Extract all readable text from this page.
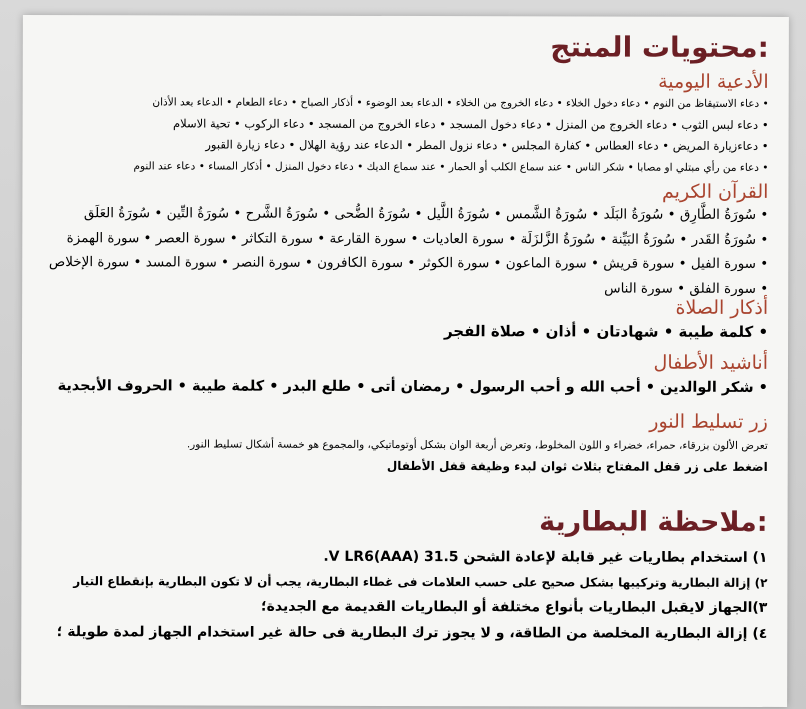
محتويات المنتج:
الأدعية اليومية

• دعاء الاستيقاظ من النوم • دعاء دخول الخلاء • دعاء الخروج من الخلاء • الدعاء بعد الوضوء • أذكار الصباح • دعاء الطعام • الدعاء بعد الأذان

• دعاء لبس الثوب • دعاء الخروج من المنزل • دعاء دخول المسجد • دعاء الخروج من المسجد • دعاء الركوب • تحية الاسلام

• دعاءزيارة المريض • دعاء العطاس • كفارة المجلس • دعاء نزول المطر • الدعاء عند رؤية الهلال • دعاء زيارة القبور

• دعاء من رأي مبتلي او مصابا • شكر الناس • عند سماع الكلب أو الحمار • عند سماع الديك • دعاء دخول المنزل • أذكار المساء • دعاء عند النوم

القرآن الكريم

• سُورَةُ الطَّارِق • سُورَةُ البَلَد • سُورَةُ الشَّمس • سُورَةُ اللَّيل • سُورَةُ الضُّحى • سُورَةُ الشَّرح • سُورَةُ التِّين • سُورَةُ العَلَق

• سُورَةُ القَدر • سُورَةُ البَيِّنة • سُورَةُ الزَّلزَلَة • سورة العاديات • سورة القارعة • سورة التكاثر • سورة العصر • سورة الهمزة

• سورة الفيل • سورة قريش • سورة الماعون • سورة الكوثر • سورة الكافرون • سورة النصر • سورة المسد • سورة الإخلاص

• سورة الفلق • سورة الناس

أذكار الصلاة

• كلمة طيبة • شهادتان • أذان • صلاة الفجر

أناشيد الأطفال

• شكر الوالدين • أحب الله و أحب الرسول • رمضان أتى • طلع البدر • كلمة طيبة • الحروف الأبجدية

زر تسليط النور

تعرض الألون بزرقاء، حمراء، خضراء و اللون المخلوط، وتعرض أربعة الوان بشكل أوتوماتيكي، والمجموع هو خمسة أشكال تسليط النور.

اضغط على زر قفل المفتاح بثلاث ثوان لبدء وظيفة قفل الأطفال

ملاحظة البطارية:

١) استخدام بطاريات غير قابلة لإعادة الشحن 31.5 V LR6(AAA).

٢) إزالة البطارية وتركيبها بشكل صحيح على حسب العلامات فى غطاء البطارية، يجب أن لا تكون البطارية بإنقطاع التيار

٣)الجهاز لايقبل البطاريات بأنواع مختلفة أو البطاريات القديمة مع الجديدة؛

٤) إزالة البطارية المخلصة من الطاقة، و لا يجوز ترك البطارية فى حالة غير استخدام الجهاز لمدة طويلة ؛
